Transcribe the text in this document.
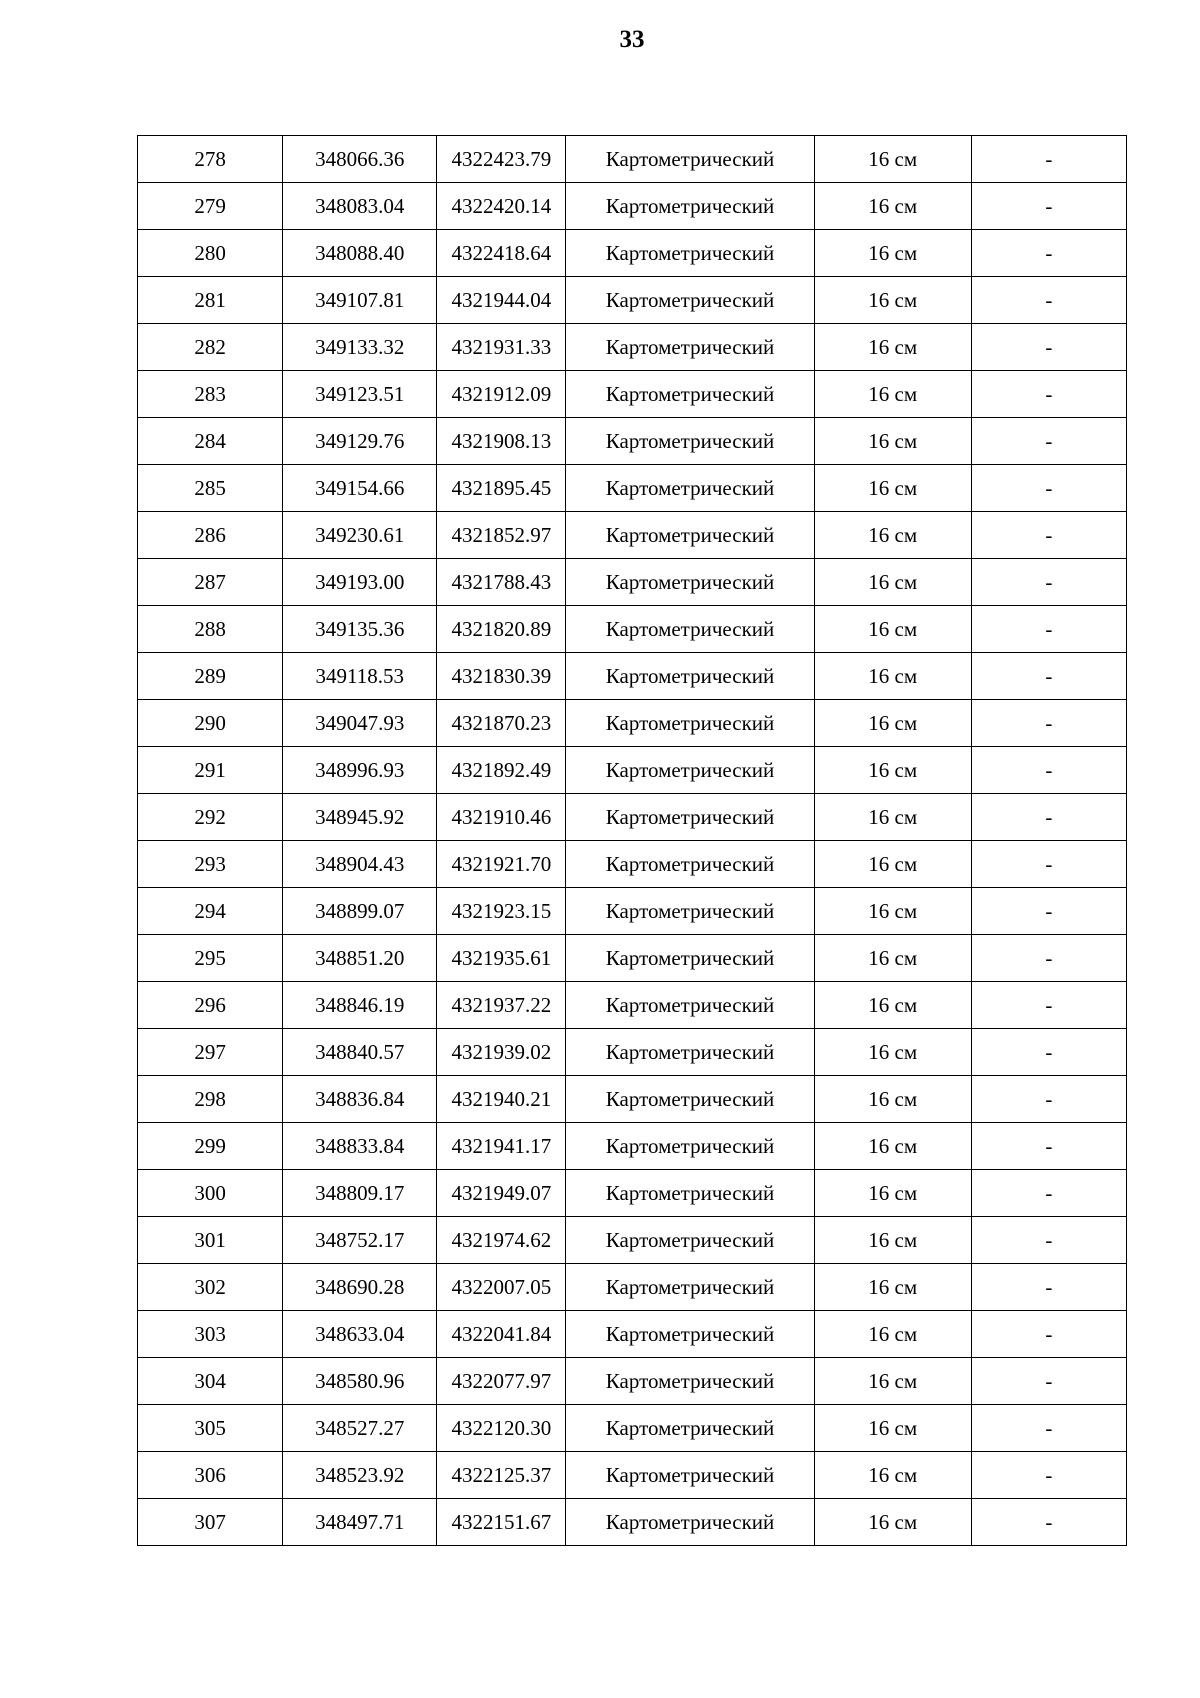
33
278	348066.36	4322423.79	Картометрический	16 см	-
279	348083.04	4322420.14	Картометрический	16 см	-
280	348088.40	4322418.64	Картометрический	16 см	-
281	349107.81	4321944.04	Картометрический	16 см	-
282	349133.32	4321931.33	Картометрический	16 см	-
283	349123.51	4321912.09	Картометрический	16 см	-
284	349129.76	4321908.13	Картометрический	16 см	-
285	349154.66	4321895.45	Картометрический	16 см	-
286	349230.61	4321852.97	Картометрический	16 см	-
287	349193.00	4321788.43	Картометрический	16 см	-
288	349135.36	4321820.89	Картометрический	16 см	-
289	349118.53	4321830.39	Картометрический	16 см	-
290	349047.93	4321870.23	Картометрический	16 см	-
291	348996.93	4321892.49	Картометрический	16 см	-
292	348945.92	4321910.46	Картометрический	16 см	-
293	348904.43	4321921.70	Картометрический	16 см	-
294	348899.07	4321923.15	Картометрический	16 см	-
295	348851.20	4321935.61	Картометрический	16 см	-
296	348846.19	4321937.22	Картометрический	16 см	-
297	348840.57	4321939.02	Картометрический	16 см	-
298	348836.84	4321940.21	Картометрический	16 см	-
299	348833.84	4321941.17	Картометрический	16 см	-
300	348809.17	4321949.07	Картометрический	16 см	-
301	348752.17	4321974.62	Картометрический	16 см	-
302	348690.28	4322007.05	Картометрический	16 см	-
303	348633.04	4322041.84	Картометрический	16 см	-
304	348580.96	4322077.97	Картометрический	16 см	-
305	348527.27	4322120.30	Картометрический	16 см	-
306	348523.92	4322125.37	Картометрический	16 см	-
307	348497.71	4322151.67	Картометрический	16 см	-
